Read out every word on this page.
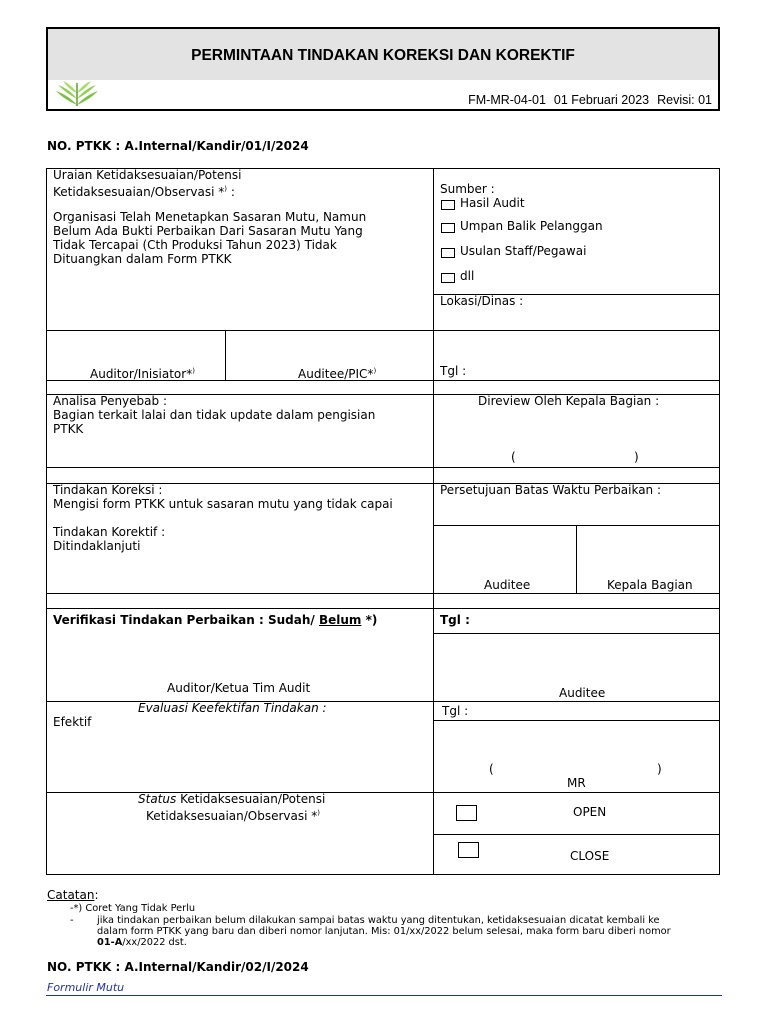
PERMINTAAN TINDAKAN KOREKSI DAN KOREKTIF
FM-MR-04-01 01 Februari 2023 Revisi: 01
NO. PTKK : A.Internal/Kandir/01/I/2024
Uraian Ketidaksesuaian/Potensi
Ketidaksesuaian/Observasi *) :
Organisasi Telah Menetapkan Sasaran Mutu, Namun
Belum Ada Bukti Perbaikan Dari Sasaran Mutu Yang
Tidak Tercapai (Cth Produksi Tahun 2023) Tidak
Dituangkan dalam Form PTKK
Sumber :
Hasil Audit
Umpan Balik Pelanggan
Usulan Staff/Pegawai
dll
Lokasi/Dinas :
Auditor/Inisiator*)	Auditee/PIC*)	Tgl :
Analisa Penyebab :
Bagian terkait lalai dan tidak update dalam pengisian
PTKK
Direview Oleh Kepala Bagian :
(	)
Tindakan Koreksi :
Mengisi form PTKK untuk sasaran mutu yang tidak capai
Tindakan Korektif :
Ditindaklanjuti
Persetujuan Batas Waktu Perbaikan :
Auditee	Kepala Bagian
Verifikasi Tindakan Perbaikan : Sudah/ Belum *)	Tgl :
Auditor/Ketua Tim Audit	Auditee
Evaluasi Keefektifan Tindakan :
Efektif
Tgl :
(	)
MR
Status Ketidaksesuaian/Potensi
Ketidaksesuaian/Observasi *)	OPEN
CLOSE
Catatan:
-*) Coret Yang Tidak Perlu
- jika tindakan perbaikan belum dilakukan sampai batas waktu yang ditentukan, ketidaksesuaian dicatat kembali ke
dalam form PTKK yang baru dan diberi nomor lanjutan. Mis: 01/xx/2022 belum selesai, maka form baru diberi nomor
01-A/xx/2022 dst.
NO. PTKK : A.Internal/Kandir/02/I/2024
Formulir Mutu
